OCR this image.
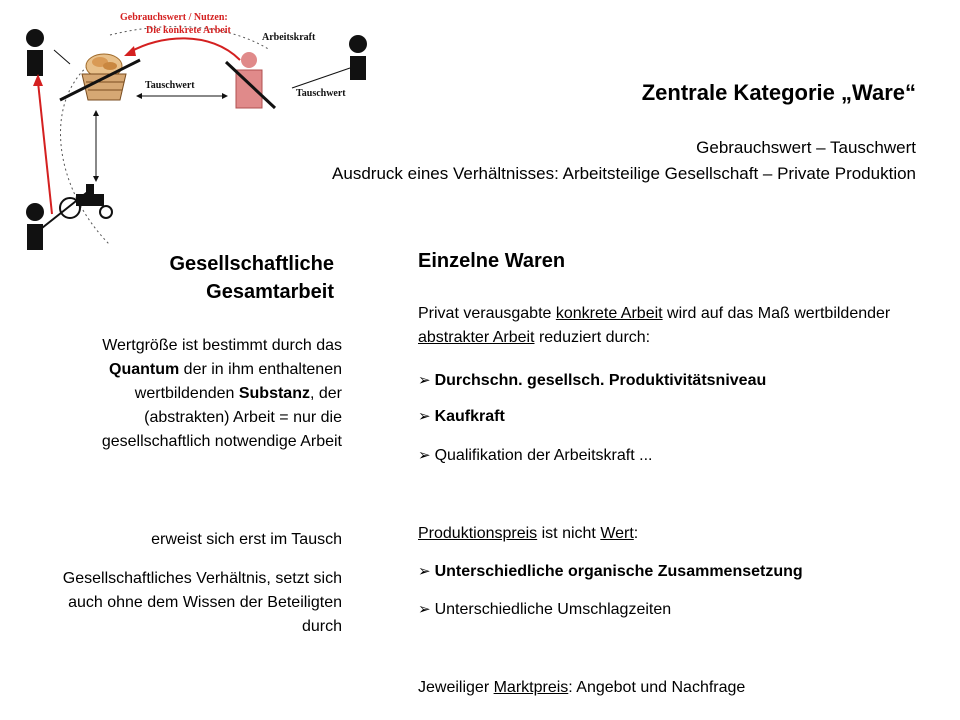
Gebrauchswert / Nutzen:
Die konkrete Arbeit
Arbeitskraft
Tauschwert
Tauschwert	Zentrale Kategorie „Ware“
Gebrauchswert – Tauschwert
Ausdruck eines Verhältnisses: Arbeitsteilige Gesellschaft – Private Produktion
Gesellschaftliche
Gesamtarbeit
Wertgröße ist bestimmt durch das Quantum der in ihm enthaltenen wertbildenden Substanz, der (abstrakten) Arbeit = nur die gesellschaftlich notwendige Arbeit
erweist sich erst im Tausch
Gesellschaftliches Verhältnis, setzt sich auch ohne dem Wissen der Beteiligten durch
Einzelne Waren
Privat verausgabte konkrete Arbeit wird auf das Maß wertbildender abstrakter Arbeit reduziert durch:
➢ Durchschn. gesellsch. Produktivitätsniveau
➢ Kaufkraft
➢ Qualifikation der Arbeitskraft ...
Produktionspreis ist nicht Wert:
➢ Unterschiedliche organische Zusammensetzung
➢ Unterschiedliche Umschlagzeiten
Jeweiliger Marktpreis: Angebot und Nachfrage
